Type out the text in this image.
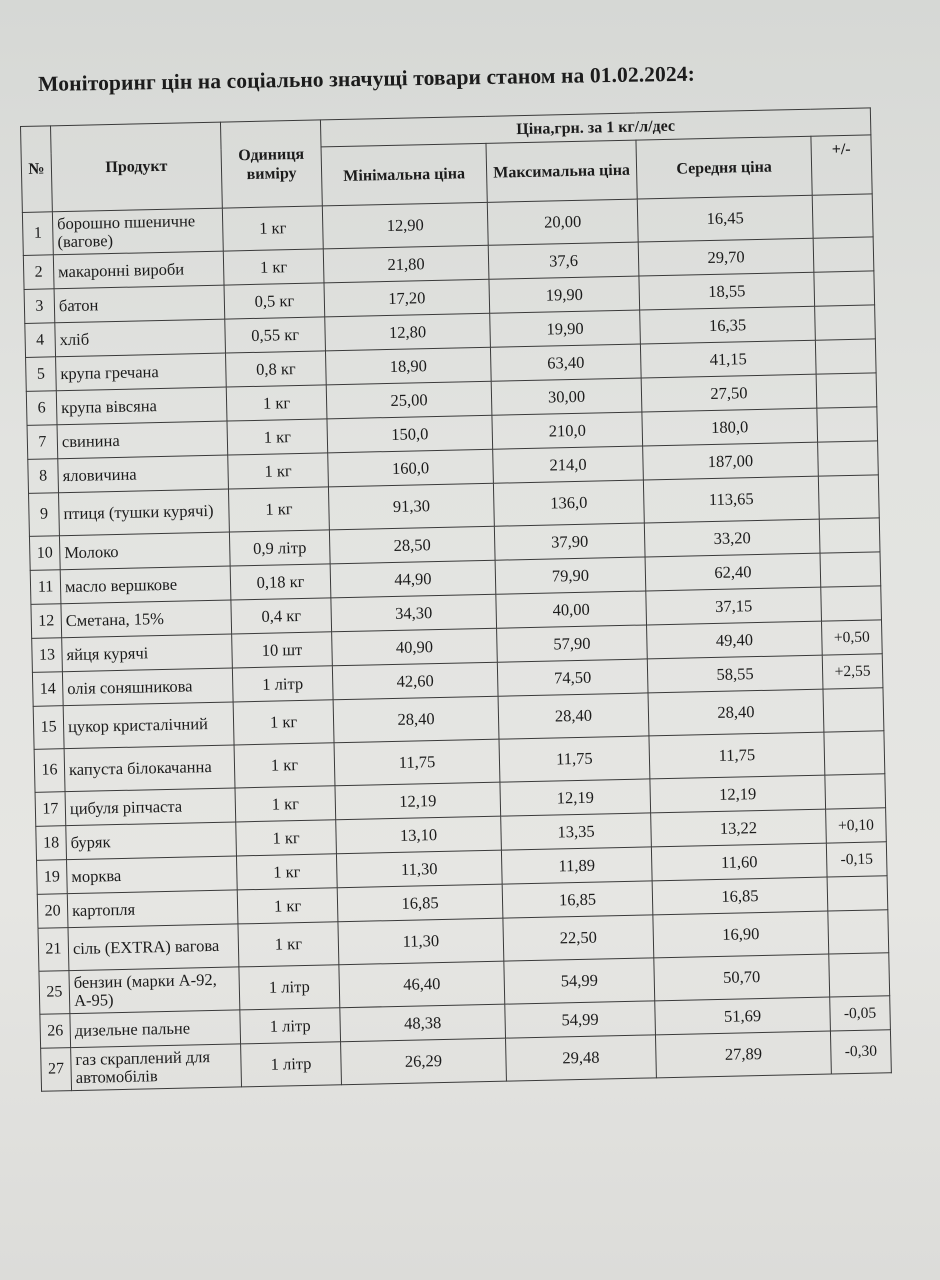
Моніторинг цін на соціально значущі товари станом на 01.02.2024:
№	Продукт	Одиниця виміру	Ціна,грн. за 1 кг/л/дес			
			Мінімальна ціна	Максимальна ціна	Середня ціна	+/-
1	борошно пшеничне (вагове)	1 кг	12,90	20,00	16,45	
2	макаронні вироби	1 кг	21,80	37,6	29,70	
3	батон	0,5 кг	17,20	19,90	18,55	
4	хліб	0,55 кг	12,80	19,90	16,35	
5	крупа гречана	0,8 кг	18,90	63,40	41,15	
6	крупа вівсяна	1 кг	25,00	30,00	27,50	
7	свинина	1 кг	150,0	210,0	180,0	
8	яловичина	1 кг	160,0	214,0	187,00	
9	птиця (тушки курячі)	1 кг	91,30	136,0	113,65	
10	Молоко	0,9 літр	28,50	37,90	33,20	
11	масло вершкове	0,18 кг	44,90	79,90	62,40	
12	Сметана, 15%	0,4 кг	34,30	40,00	37,15	
13	яйця курячі	10 шт	40,90	57,90	49,40	+0,50
14	олія соняшникова	1 літр	42,60	74,50	58,55	+2,55
15	цукор кристалічний	1 кг	28,40	28,40	28,40	
16	капуста білокачанна	1 кг	11,75	11,75	11,75	
17	цибуля ріпчаста	1 кг	12,19	12,19	12,19	
18	буряк	1 кг	13,10	13,35	13,22	+0,10
19	морква	1 кг	11,30	11,89	11,60	-0,15
20	картопля	1 кг	16,85	16,85	16,85	
21	сіль (EXTRA) вагова	1 кг	11,30	22,50	16,90	
25	бензин (марки А-92, А-95)	1 літр	46,40	54,99	50,70	
26	дизельне пальне	1 літр	48,38	54,99	51,69	-0,05
27	газ скраплений для автомобілів	1 літр	26,29	29,48	27,89	-0,30
